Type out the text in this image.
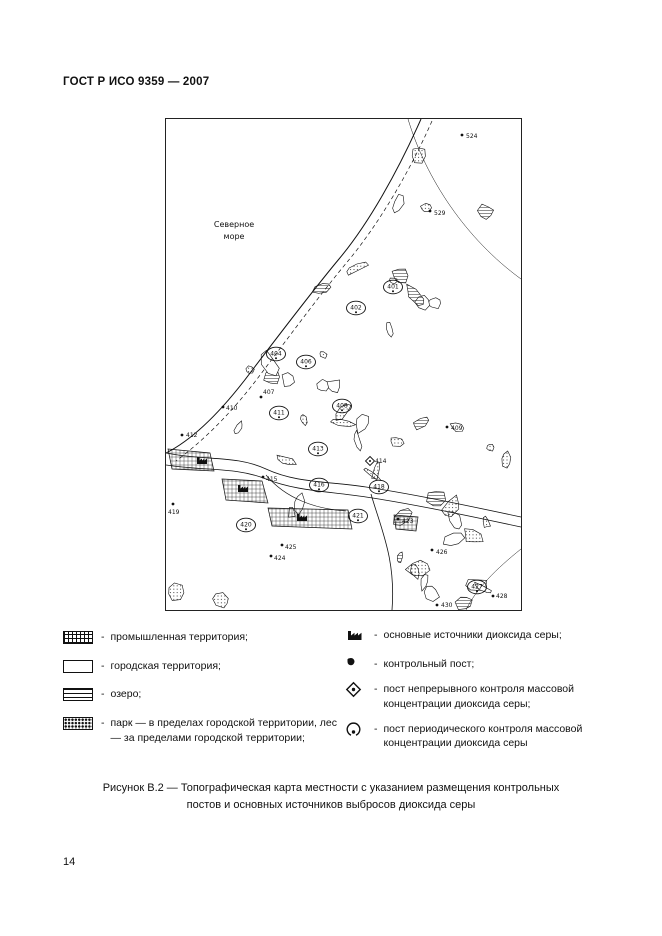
ГОСТ Р ИСО 9359 — 2007
524
529
401
402
404
406
407
410
411
408
409
412
413
414
415
416	418
419
421
420
423
425
424
426
427
428
430
Северное
море
- промышленная территория;
- городская территория;
- озеро;
- парк — в пределах городской территории, лес — за пределами городской территории;
- основные источники диоксида серы;
- контрольный пост;
- пост непрерывного контроля массовой концентрации диоксида серы;
- пост периодического контроля массовой концентрации диоксида серы
Рисунок В.2 — Топографическая карта местности с указанием размещения контрольных постов и основных источников выбросов диоксида серы
14
